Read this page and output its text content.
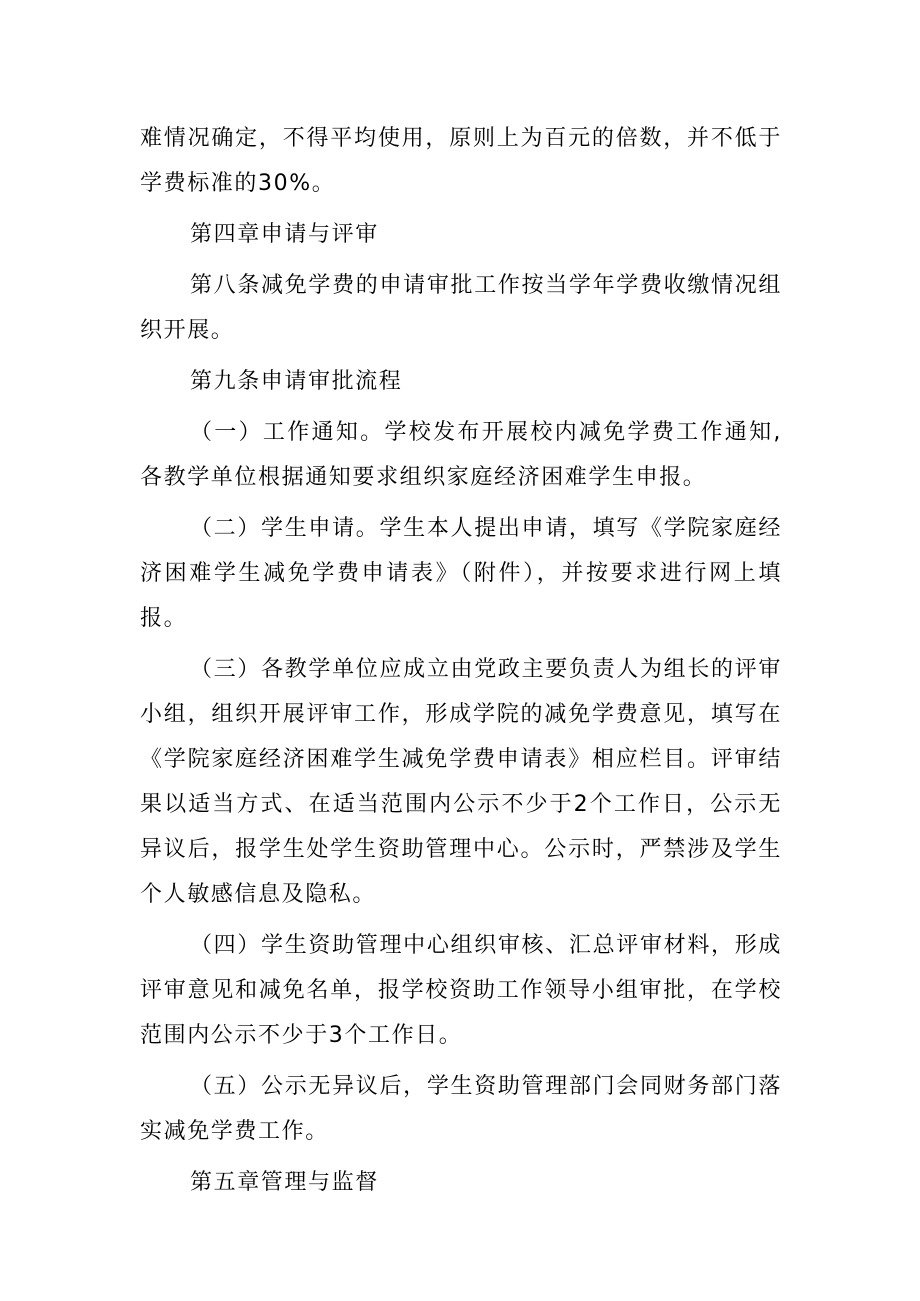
难情况确定，不得平均使用，原则上为百元的倍数，并不低于学费标准的30%。

第四章申请与评审

第八条减免学费的申请审批工作按当学年学费收缴情况组织开展。

第九条申请审批流程

（一）工作通知。学校发布开展校内减免学费工作通知,各教学单位根据通知要求组织家庭经济困难学生申报。

（二）学生申请。学生本人提出申请，填写《学院家庭经济困难学生减免学费申请表》（附件），并按要求进行网上填报。

（三）各教学单位应成立由党政主要负责人为组长的评审小组，组织开展评审工作，形成学院的减免学费意见，填写在《学院家庭经济困难学生减免学费申请表》相应栏目。评审结果以适当方式、在适当范围内公示不少于2个工作日，公示无异议后，报学生处学生资助管理中心。公示时，严禁涉及学生个人敏感信息及隐私。

（四）学生资助管理中心组织审核、汇总评审材料，形成评审意见和减免名单，报学校资助工作领导小组审批，在学校范围内公示不少于3个工作日。

（五）公示无异议后，学生资助管理部门会同财务部门落实减免学费工作。

第五章管理与监督
